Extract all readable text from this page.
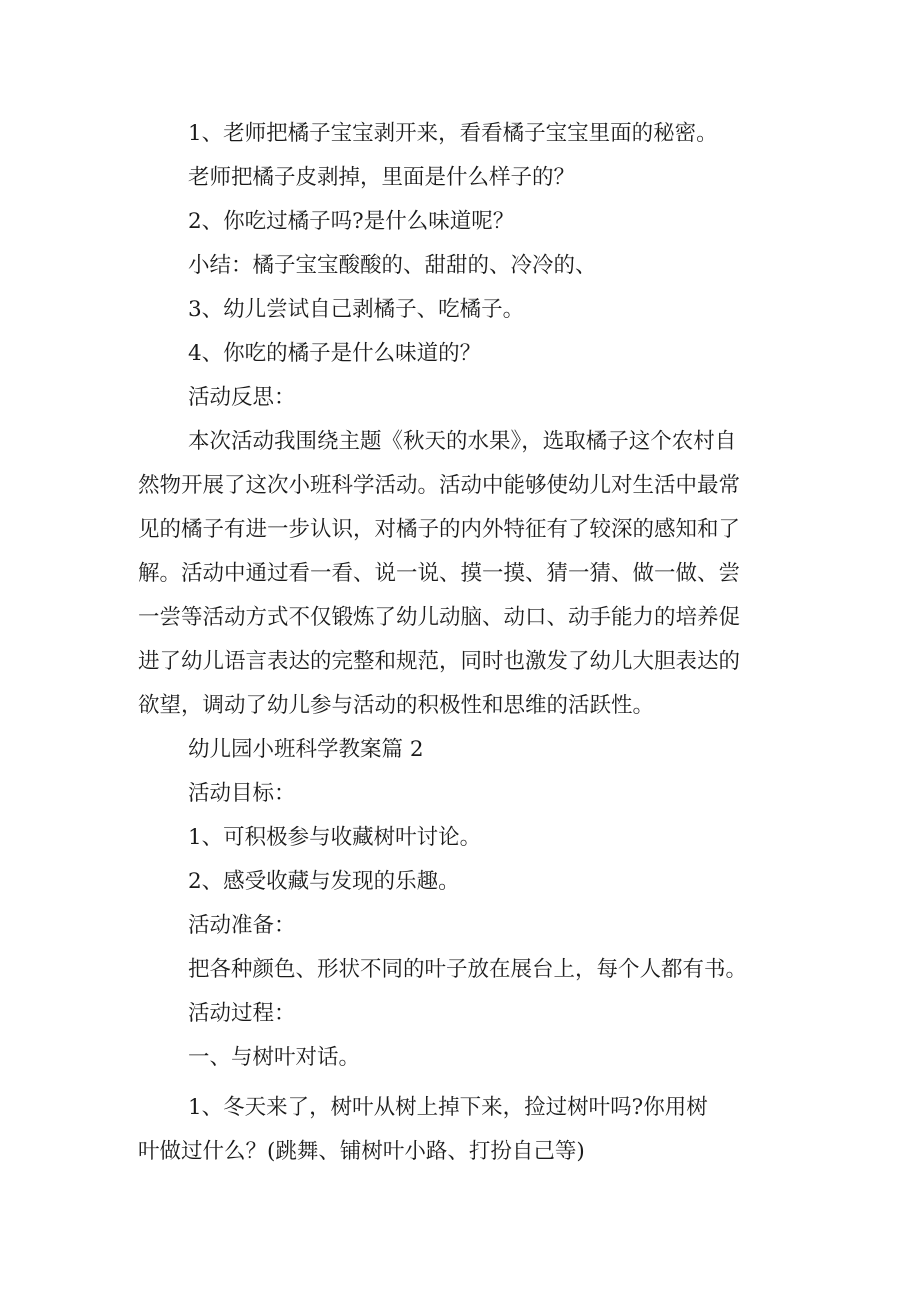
1、老师把橘子宝宝剥开来，看看橘子宝宝里面的秘密。

老师把橘子皮剥掉，里面是什么样子的？

2、你吃过橘子吗?是什么味道呢？

小结：橘子宝宝酸酸的、甜甜的、冷冷的、

3、幼儿尝试自己剥橘子、吃橘子。

4、你吃的橘子是什么味道的？

活动反思：

本次活动我围绕主题《秋天的水果》，选取橘子这个农村自

然物开展了这次小班科学活动。活动中能够使幼儿对生活中最常

见的橘子有进一步认识，对橘子的内外特征有了较深的感知和了

解。活动中通过看一看、说一说、摸一摸、猜一猜、做一做、尝

一尝等活动方式不仅锻炼了幼儿动脑、动口、动手能力的培养促

进了幼儿语言表达的完整和规范，同时也激发了幼儿大胆表达的

欲望，调动了幼儿参与活动的积极性和思维的活跃性。

幼儿园小班科学教案篇 2

活动目标：

1、可积极参与收藏树叶讨论。

2、感受收藏与发现的乐趣。

活动准备：

把各种颜色、形状不同的叶子放在展台上，每个人都有书。

活动过程：

一、与树叶对话。

1、冬天来了，树叶从树上掉下来，捡过树叶吗?你用树

叶做过什么？(跳舞、铺树叶小路、打扮自己等)
